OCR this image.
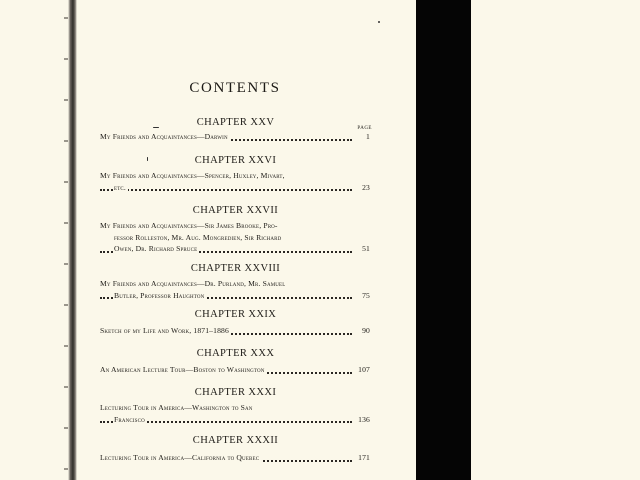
CONTENTS
PAGE
CHAPTER XXV
My Friends and Acquaintances—Darwin	1
CHAPTER XXVI
My Friends and Acquaintances—Spencer, Huxley, Mivart,
etc.	23
CHAPTER XXVII
My Friends and Acquaintances—Sir James Brooke, Pro-
fessor Rolleston, Mr. Aug. Mongredien, Sir Richard
Owen, Dr. Richard Spruce	51
CHAPTER XXVIII
My Friends and Acquaintances—Dr. Purland, Mr. Samuel
Butler, Professor Haughton	75
CHAPTER XXIX
Sketch of my Life and Work, 1871–1886	90
CHAPTER XXX
An American Lecture Tour—Boston to Washington	107
CHAPTER XXXI
Lecturing Tour in America—Washington to San
Francisco	136
CHAPTER XXXII
Lecturing Tour in America—California to Quebec	171
